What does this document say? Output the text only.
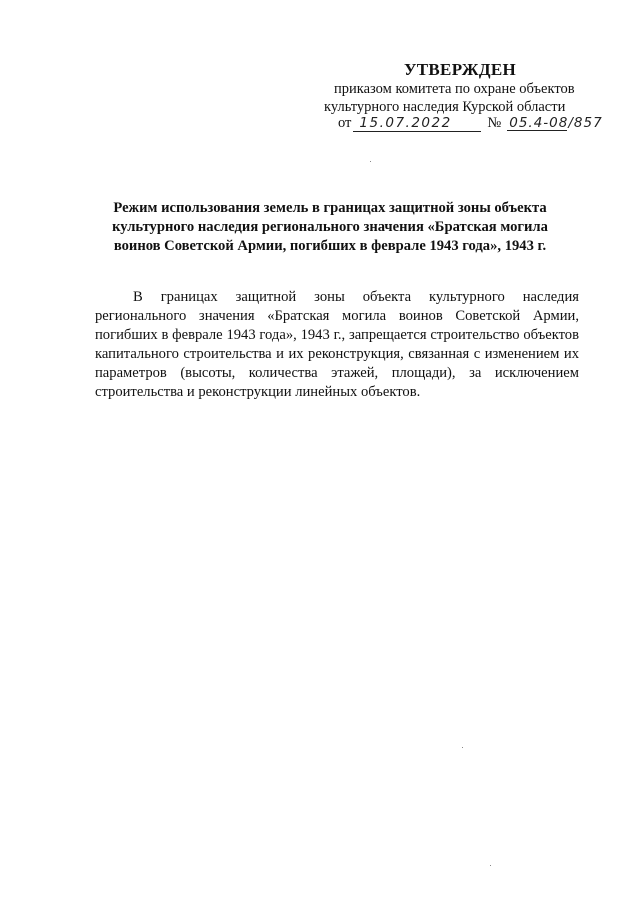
УТВЕРЖДЕН
приказом комитета по охране объектов
культурного наследия Курской области
от 15.07.2022 № 05.4-08/857
Режим использования земель в границах защитной зоны объекта культурного наследия регионального значения «Братская могила воинов Советской Армии, погибших в феврале 1943 года», 1943 г.
В границах защитной зоны объекта культурного наследия регионального значения «Братская могила воинов Советской Армии, погибших в феврале 1943 года», 1943 г., запрещается строительство объектов капитального строительства и их реконструкция, связанная с изменением их параметров (высоты, количества этажей, площади), за исключением строительства и реконструкции линейных объектов.
